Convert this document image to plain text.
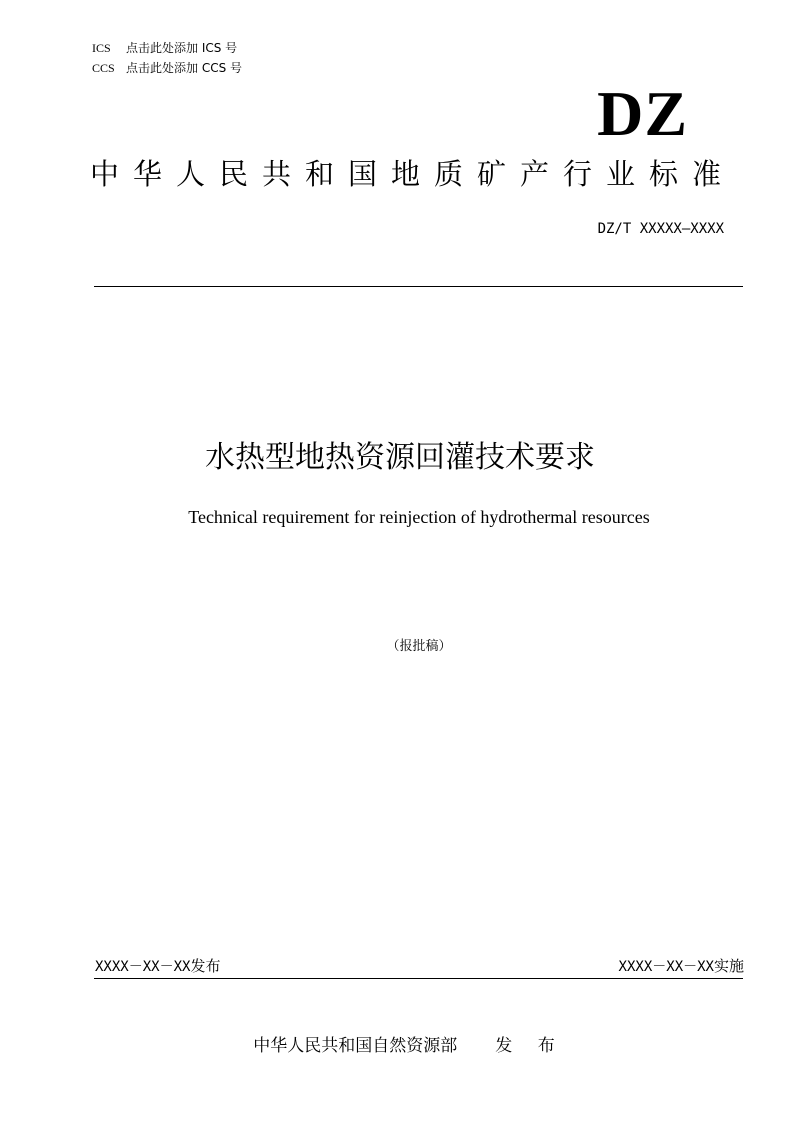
ICS 点击此处添加 ICS 号
CCS 点击此处添加 CCS 号
DZ
中华人民共和国地质矿产行业标准
DZ/T XXXXX—XXXX
水热型地热资源回灌技术要求
Technical requirement for reinjection of hydrothermal resources
（报批稿）
XXXX－XX－XX发布	XXXX－XX－XX实施
中华人民共和国自然资源部 发 布
